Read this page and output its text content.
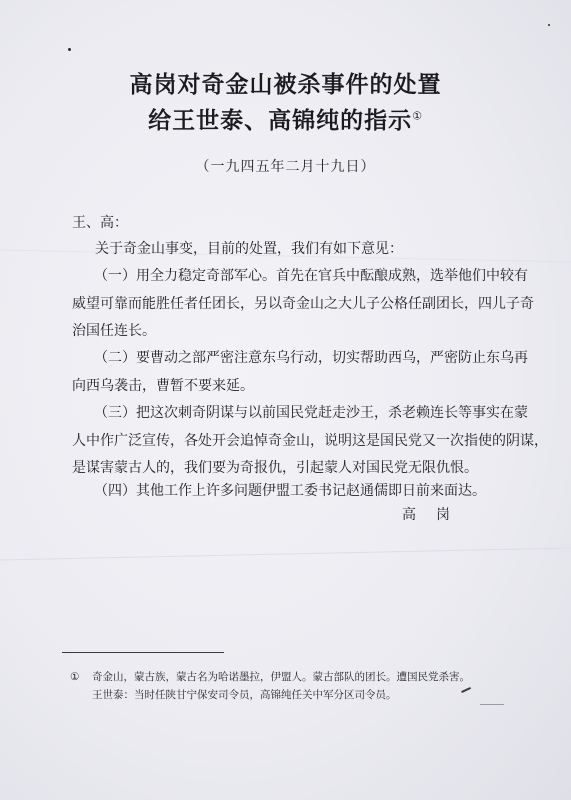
高岗对奇金山被杀事件的处置
给王世泰、高锦纯的指示①
（一九四五年二月十九日）
王、高：
关于奇金山事变，目前的处置，我们有如下意见：
（一）用全力稳定奇部军心。首先在官兵中酝酿成熟，选举他们中较有
威望可靠而能胜任者任团长，另以奇金山之大儿子公格任副团长，四儿子奇
治国任连长。
（二）要曹动之部严密注意东乌行动，切实帮助西乌，严密防止东乌再
向西乌袭击，曹暂不要来延。
（三）把这次刺奇阴谋与以前国民党赶走沙王，杀老赖连长等事实在蒙
人中作广泛宣传，各处开会追悼奇金山，说明这是国民党又一次指使的阴谋，
是谋害蒙古人的，我们要为奇报仇，引起蒙人对国民党无限仇恨。
（四）其他工作上许多问题伊盟工委书记赵通儒即日前来面达。
高岗
① 奇金山，蒙古族，蒙古名为哈诺墨拉，伊盟人。蒙古部队的团长。遭国民党杀害。
王世泰：当时任陕甘宁保安司令员，高锦纯任关中军分区司令员。
